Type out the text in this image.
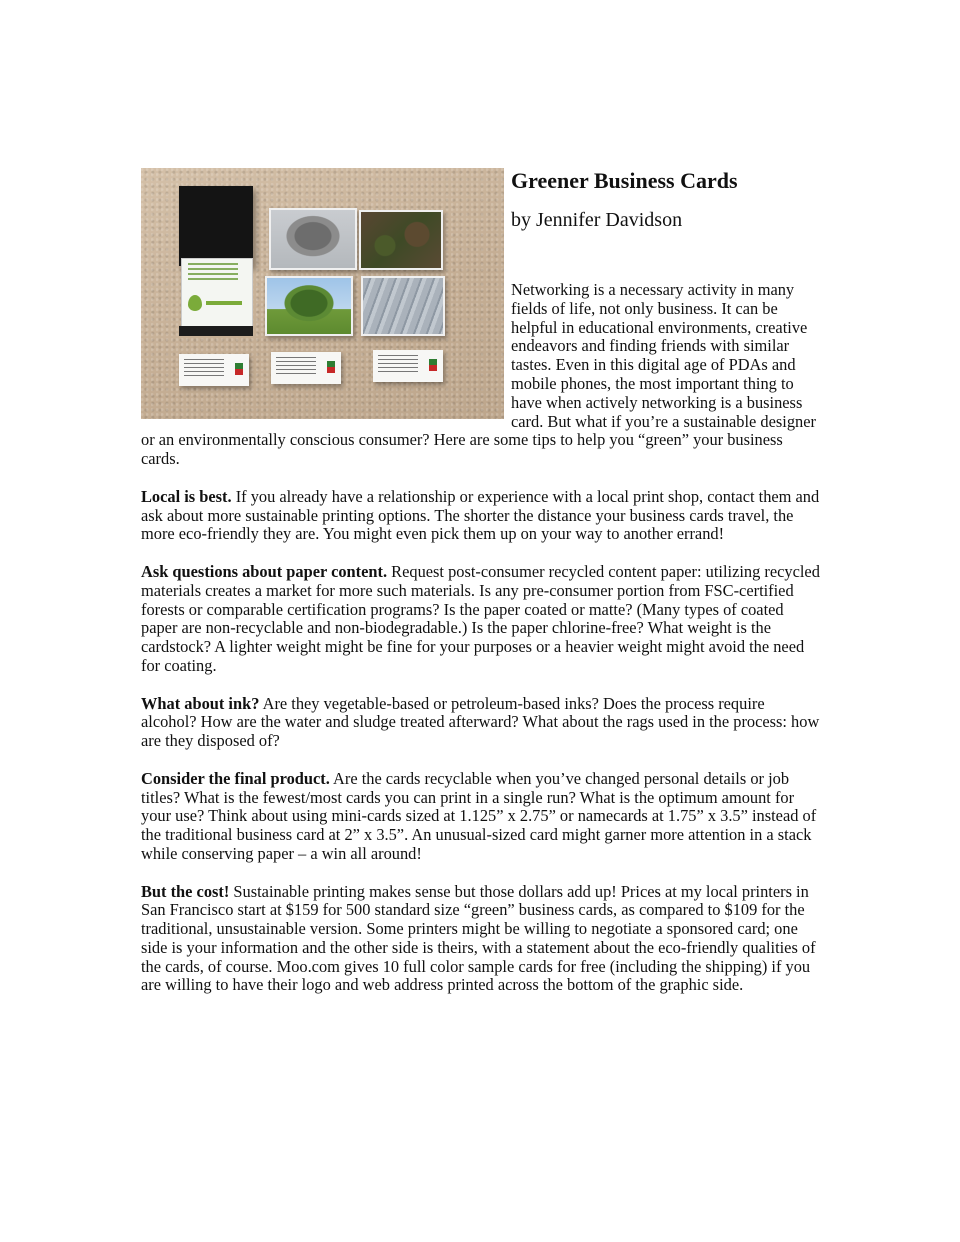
Greener Business Cards
by Jennifer Davidson

Networking is a necessary activity in many fields of life, not only business. It can be helpful in educational environments, creative endeavors and finding friends with similar tastes. Even in this digital age of PDAs and mobile phones, the most important thing to have when actively networking is a business card. But what if you’re a sustainable designer or an environmentally conscious consumer? Here are some tips to help you “green” your business cards.

Local is best. If you already have a relationship or experience with a local print shop, contact them and ask about more sustainable printing options. The shorter the distance your business cards travel, the more eco-friendly they are. You might even pick them up on your way to another errand!

Ask questions about paper content. Request post-consumer recycled content paper: utilizing recycled materials creates a market for more such materials. Is any pre-consumer portion from FSC-certified forests or comparable certification programs? Is the paper coated or matte? (Many types of coated paper are non-recyclable and non-biodegradable.) Is the paper chlorine-free? What weight is the cardstock? A lighter weight might be fine for your purposes or a heavier weight might avoid the need for coating.

What about ink? Are they vegetable-based or petroleum-based inks? Does the process require alcohol? How are the water and sludge treated afterward? What about the rags used in the process: how are they disposed of?

Consider the final product. Are the cards recyclable when you’ve changed personal details or job titles? What is the fewest/most cards you can print in a single run? What is the optimum amount for your use? Think about using mini-cards sized at 1.125” x 2.75” or namecards at 1.75” x 3.5” instead of the traditional business card at 2” x 3.5”. An unusual-sized card might garner more attention in a stack while conserving paper – a win all around!

But the cost! Sustainable printing makes sense but those dollars add up! Prices at my local printers in San Francisco start at $159 for 500 standard size “green” business cards, as compared to $109 for the traditional, unsustainable version. Some printers might be willing to negotiate a sponsored card; one side is your information and the other side is theirs, with a statement about the eco-friendly qualities of the cards, of course. Moo.com gives 10 full color sample cards for free (including the shipping) if you are willing to have their logo and web address printed across the bottom of the graphic side.
